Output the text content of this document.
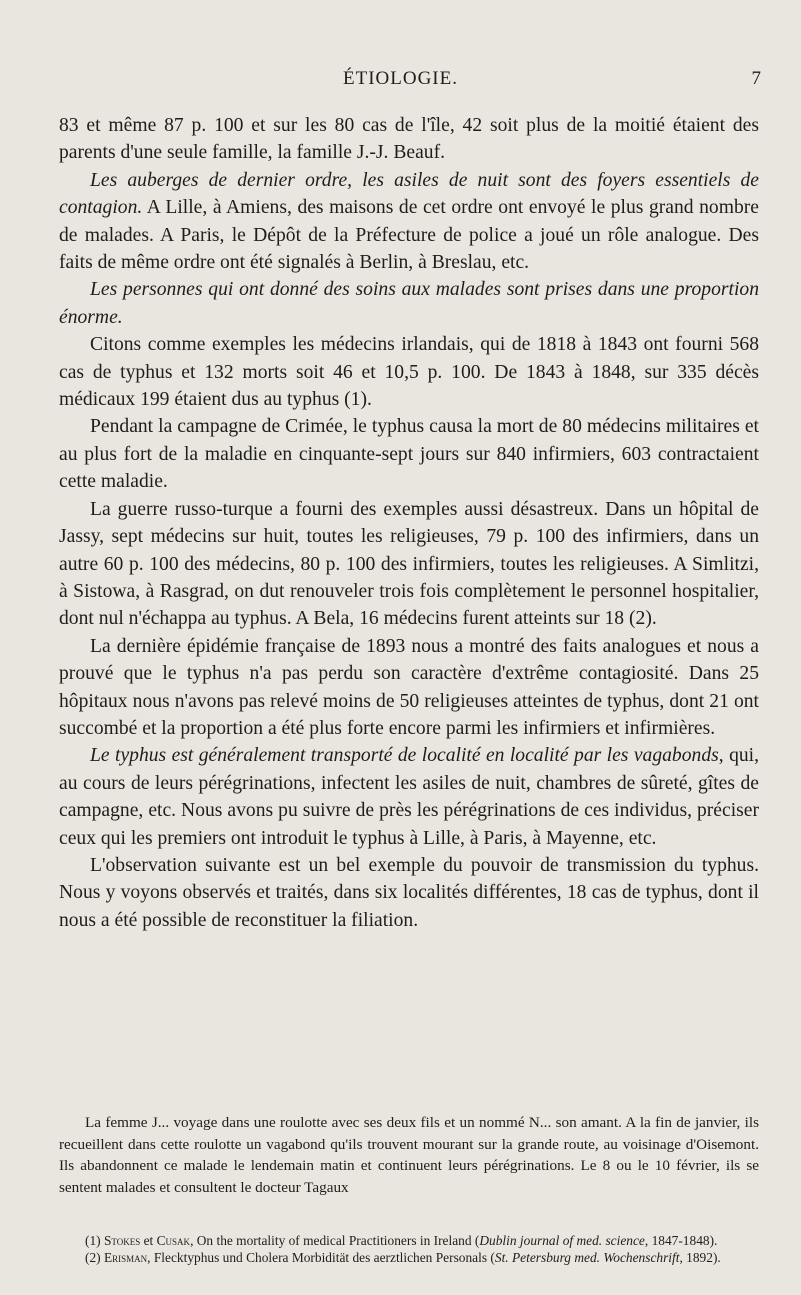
ÉTIOLOGIE.	7

83 et même 87 p. 100 et sur les 80 cas de l'île, 42 soit plus de la moitié étaient des parents d'une seule famille, la famille J.-J. Beauf.

Les auberges de dernier ordre, les asiles de nuit sont des foyers essentiels de contagion. A Lille, à Amiens, des maisons de cet ordre ont envoyé le plus grand nombre de malades. A Paris, le Dépôt de la Préfecture de police a joué un rôle analogue. Des faits de même ordre ont été signalés à Berlin, à Breslau, etc.

Les personnes qui ont donné des soins aux malades sont prises dans une proportion énorme.

Citons comme exemples les médecins irlandais, qui de 1818 à 1843 ont fourni 568 cas de typhus et 132 morts soit 46 et 10,5 p. 100. De 1843 à 1848, sur 335 décès médicaux 199 étaient dus au typhus (1).

Pendant la campagne de Crimée, le typhus causa la mort de 80 médecins militaires et au plus fort de la maladie en cinquante-sept jours sur 840 infirmiers, 603 contractaient cette maladie.

La guerre russo-turque a fourni des exemples aussi désastreux. Dans un hôpital de Jassy, sept médecins sur huit, toutes les religieuses, 79 p. 100 des infirmiers, dans un autre 60 p. 100 des médecins, 80 p. 100 des infirmiers, toutes les religieuses. A Simlitzi, à Sistowa, à Rasgrad, on dut renouveler trois fois complètement le personnel hospitalier, dont nul n'échappa au typhus. A Bela, 16 médecins furent atteints sur 18 (2).

La dernière épidémie française de 1893 nous a montré des faits analogues et nous a prouvé que le typhus n'a pas perdu son caractère d'extrême contagiosité. Dans 25 hôpitaux nous n'avons pas relevé moins de 50 religieuses atteintes de typhus, dont 21 ont succombé et la proportion a été plus forte encore parmi les infirmiers et infirmières.

Le typhus est généralement transporté de localité en localité par les vagabonds, qui, au cours de leurs pérégrinations, infectent les asiles de nuit, chambres de sûreté, gîtes de campagne, etc. Nous avons pu suivre de près les pérégrinations de ces individus, préciser ceux qui les premiers ont introduit le typhus à Lille, à Paris, à Mayenne, etc.

L'observation suivante est un bel exemple du pouvoir de transmission du typhus. Nous y voyons observés et traités, dans six localités différentes, 18 cas de typhus, dont il nous a été possible de reconstituer la filiation.

La femme J... voyage dans une roulotte avec ses deux fils et un nommé N... son amant. A la fin de janvier, ils recueillent dans cette roulotte un vagabond qu'ils trouvent mourant sur la grande route, au voisinage d'Oisemont. Ils abandonnent ce malade le lendemain matin et continuent leurs pérégrinations. Le 8 ou le 10 février, ils se sentent malades et consultent le docteur Tagaux

(1) Stokes et Cusak, On the mortality of medical Practitioners in Ireland (Dublin journal of med. science, 1847-1848).

(2) Erisman, Flecktyphus und Cholera Morbidität des aerztlichen Personals (St. Petersburg med. Wochenschrift, 1892).
